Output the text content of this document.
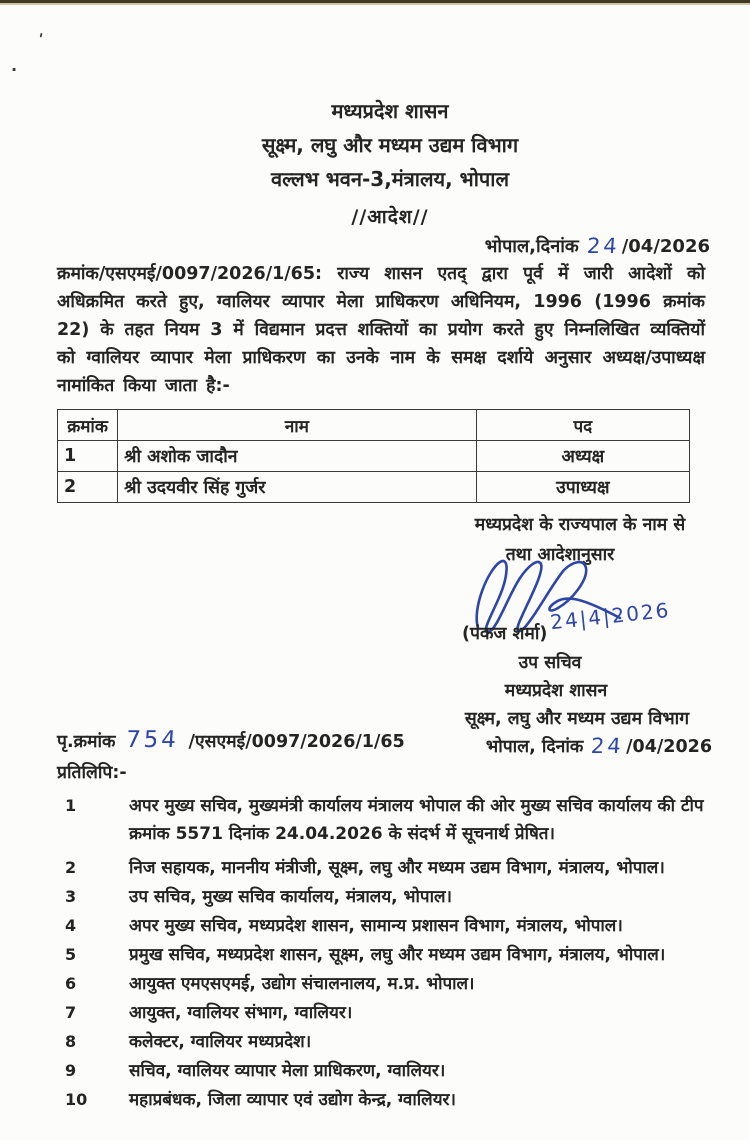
'
.
मध्यप्रदेश शासन
सूक्ष्म, लघु और मध्यम उद्यम विभाग
वल्लभ भवन-3,मंत्रालय, भोपाल
//आदेश//
भोपाल,दिनांक 24/04/2026

क्रमांक/एसएमई/0097/2026/1/65: राज्य शासन एतद् द्वारा पूर्व में जारी आदेशों को अधिक्रमित करते हुए, ग्वालियर व्यापार मेला प्राधिकरण अधिनियम, 1996 (1996 क्रमांक 22) के तहत नियम 3 में विद्यमान प्रदत्त शक्तियों का प्रयोग करते हुए निम्नलिखित व्यक्तियों को ग्वालियर व्यापार मेला प्राधिकरण का उनके नाम के समक्ष दर्शाये अनुसार अध्यक्ष/उपाध्यक्ष नामांकित किया जाता है:-

क्रमांक	नाम	पद
1	श्री अशोक जादौन	अध्यक्ष
2	श्री उदयवीर सिंह गुर्जर	उपाध्यक्ष
मध्यप्रदेश के राज्यपाल के नाम से
तथा आदेशानुसार
24|4|2026
(पंकज शर्मा)
उप सचिव
मध्यप्रदेश शासन
सूक्ष्म, लघु और मध्यम उद्यम विभाग
भोपाल, दिनांक 24/04/2026
पृ.क्रमांक 754 /एसएमई/0097/2026/1/65
प्रतिलिपि:-
1	अपर मुख्य सचिव, मुख्यमंत्री कार्यालय मंत्रालय भोपाल की ओर मुख्य सचिव कार्यालय की टीप क्रमांक 5571 दिनांक 24.04.2026 के संदर्भ में सूचनार्थ प्रेषित।
2	निज सहायक, माननीय मंत्रीजी, सूक्ष्म, लघु और मध्यम उद्यम विभाग, मंत्रालय, भोपाल।
3	उप सचिव, मुख्य सचिव कार्यालय, मंत्रालय, भोपाल।
4	अपर मुख्य सचिव, मध्यप्रदेश शासन, सामान्य प्रशासन विभाग, मंत्रालय, भोपाल।
5	प्रमुख सचिव, मध्यप्रदेश शासन, सूक्ष्म, लघु और मध्यम उद्यम विभाग, मंत्रालय, भोपाल।
6	आयुक्त एमएसएमई, उद्योग संचालनालय, म.प्र. भोपाल।
7	आयुक्त, ग्वालियर संभाग, ग्वालियर।
8	कलेक्टर, ग्वालियर मध्यप्रदेश।
9	सचिव, ग्वालियर व्यापार मेला प्राधिकरण, ग्वालियर।
10	महाप्रबंधक, जिला व्यापार एवं उद्योग केन्द्र, ग्वालियर।
